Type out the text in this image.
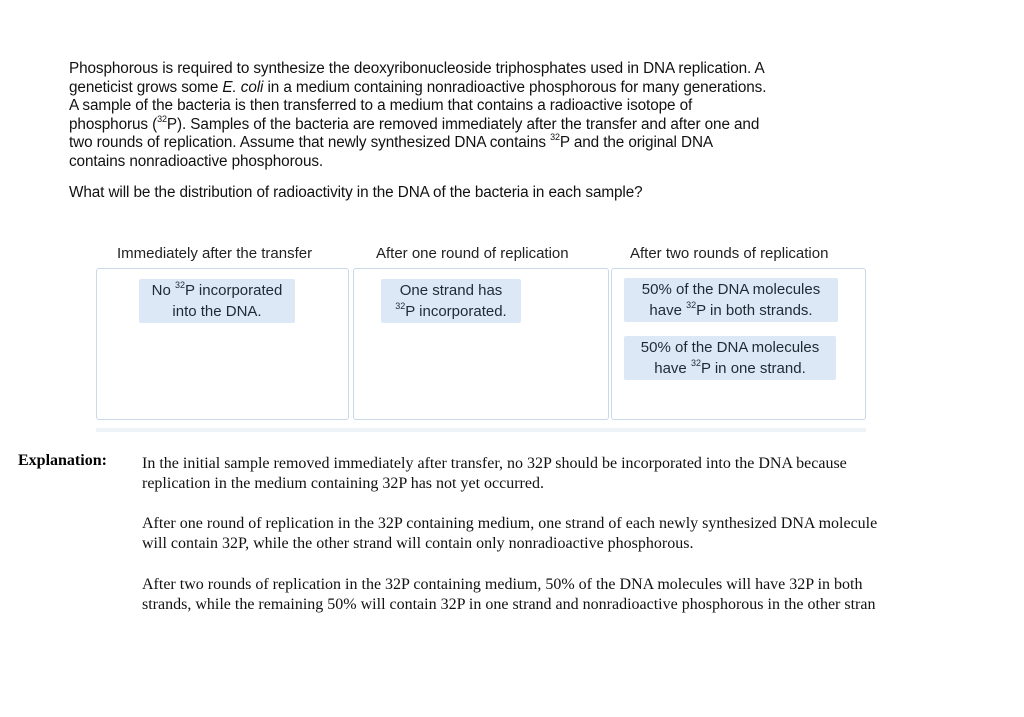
Phosphorous is required to synthesize the deoxyribonucleoside triphosphates used in DNA replication. A
geneticist grows some E. coli in a medium containing nonradioactive phosphorous for many generations.
A sample of the bacteria is then transferred to a medium that contains a radioactive isotope of
phosphorus ($^{32}$P). Samples of the bacteria are removed immediately after the transfer and after one and
two rounds of replication. Assume that newly synthesized DNA contains $^{32}$P and the original DNA
contains nonradioactive phosphorous.
What will be the distribution of radioactivity in the DNA of the bacteria in each sample?
Immediately after the transfer	After one round of replication	After two rounds of replication
No $^{32}$P incorporated
into the DNA.
One strand has
$^{32}$P incorporated.
50% of the DNA molecules
have $^{32}$P in both strands.
50% of the DNA molecules
have $^{32}$P in one strand.
Explanation: In the initial sample removed immediately after transfer, no 32P should be incorporated into the DNA because
replication in the medium containing 32P has not yet occurred.
After one round of replication in the 32P containing medium, one strand of each newly synthesized DNA molecule
will contain 32P, while the other strand will contain only nonradioactive phosphorous.
After two rounds of replication in the 32P containing medium, 50% of the DNA molecules will have 32P in both
strands, while the remaining 50% will contain 32P in one strand and nonradioactive phosphorous in the other stran
